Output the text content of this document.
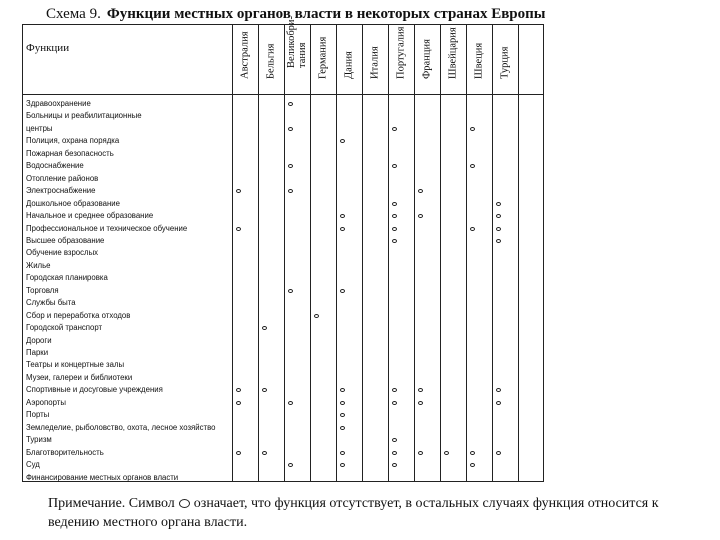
Схема 9. Функции местных органов власти в некоторых странах Европы
Функции	Австралия Бельгия Великобри-
тания Германия Дания Италия Португалия Франция Швейцария Швеция Турция
Здравоохранение
Больницы и реабилитационные
центры
Полиция, охрана порядка
Пожарная безопасность
Водоснабжение
Отопление районов
Электроснабжение
Дошкольное образование
Начальное и среднее образование
Профессиональное и техническое обучение
Высшее образование
Обучение взрослых
Жилье
Городская планировка
Торговля
Службы быта
Сбор и переработка отходов
Городской транспорт
Дороги
Парки
Театры и концертные залы
Музеи, галереи и библиотеки
Спортивные и досуговые учреждения
Аэропорты
Порты
Земледелие, рыболовство, охота, лесное хозяйство
Туризм
Благотворительность
Суд
Финансирование местных органов власти
Примечание. Символ означает, что функция отсутствует, в остальных случаях функция относится к ведению местного органа власти.
